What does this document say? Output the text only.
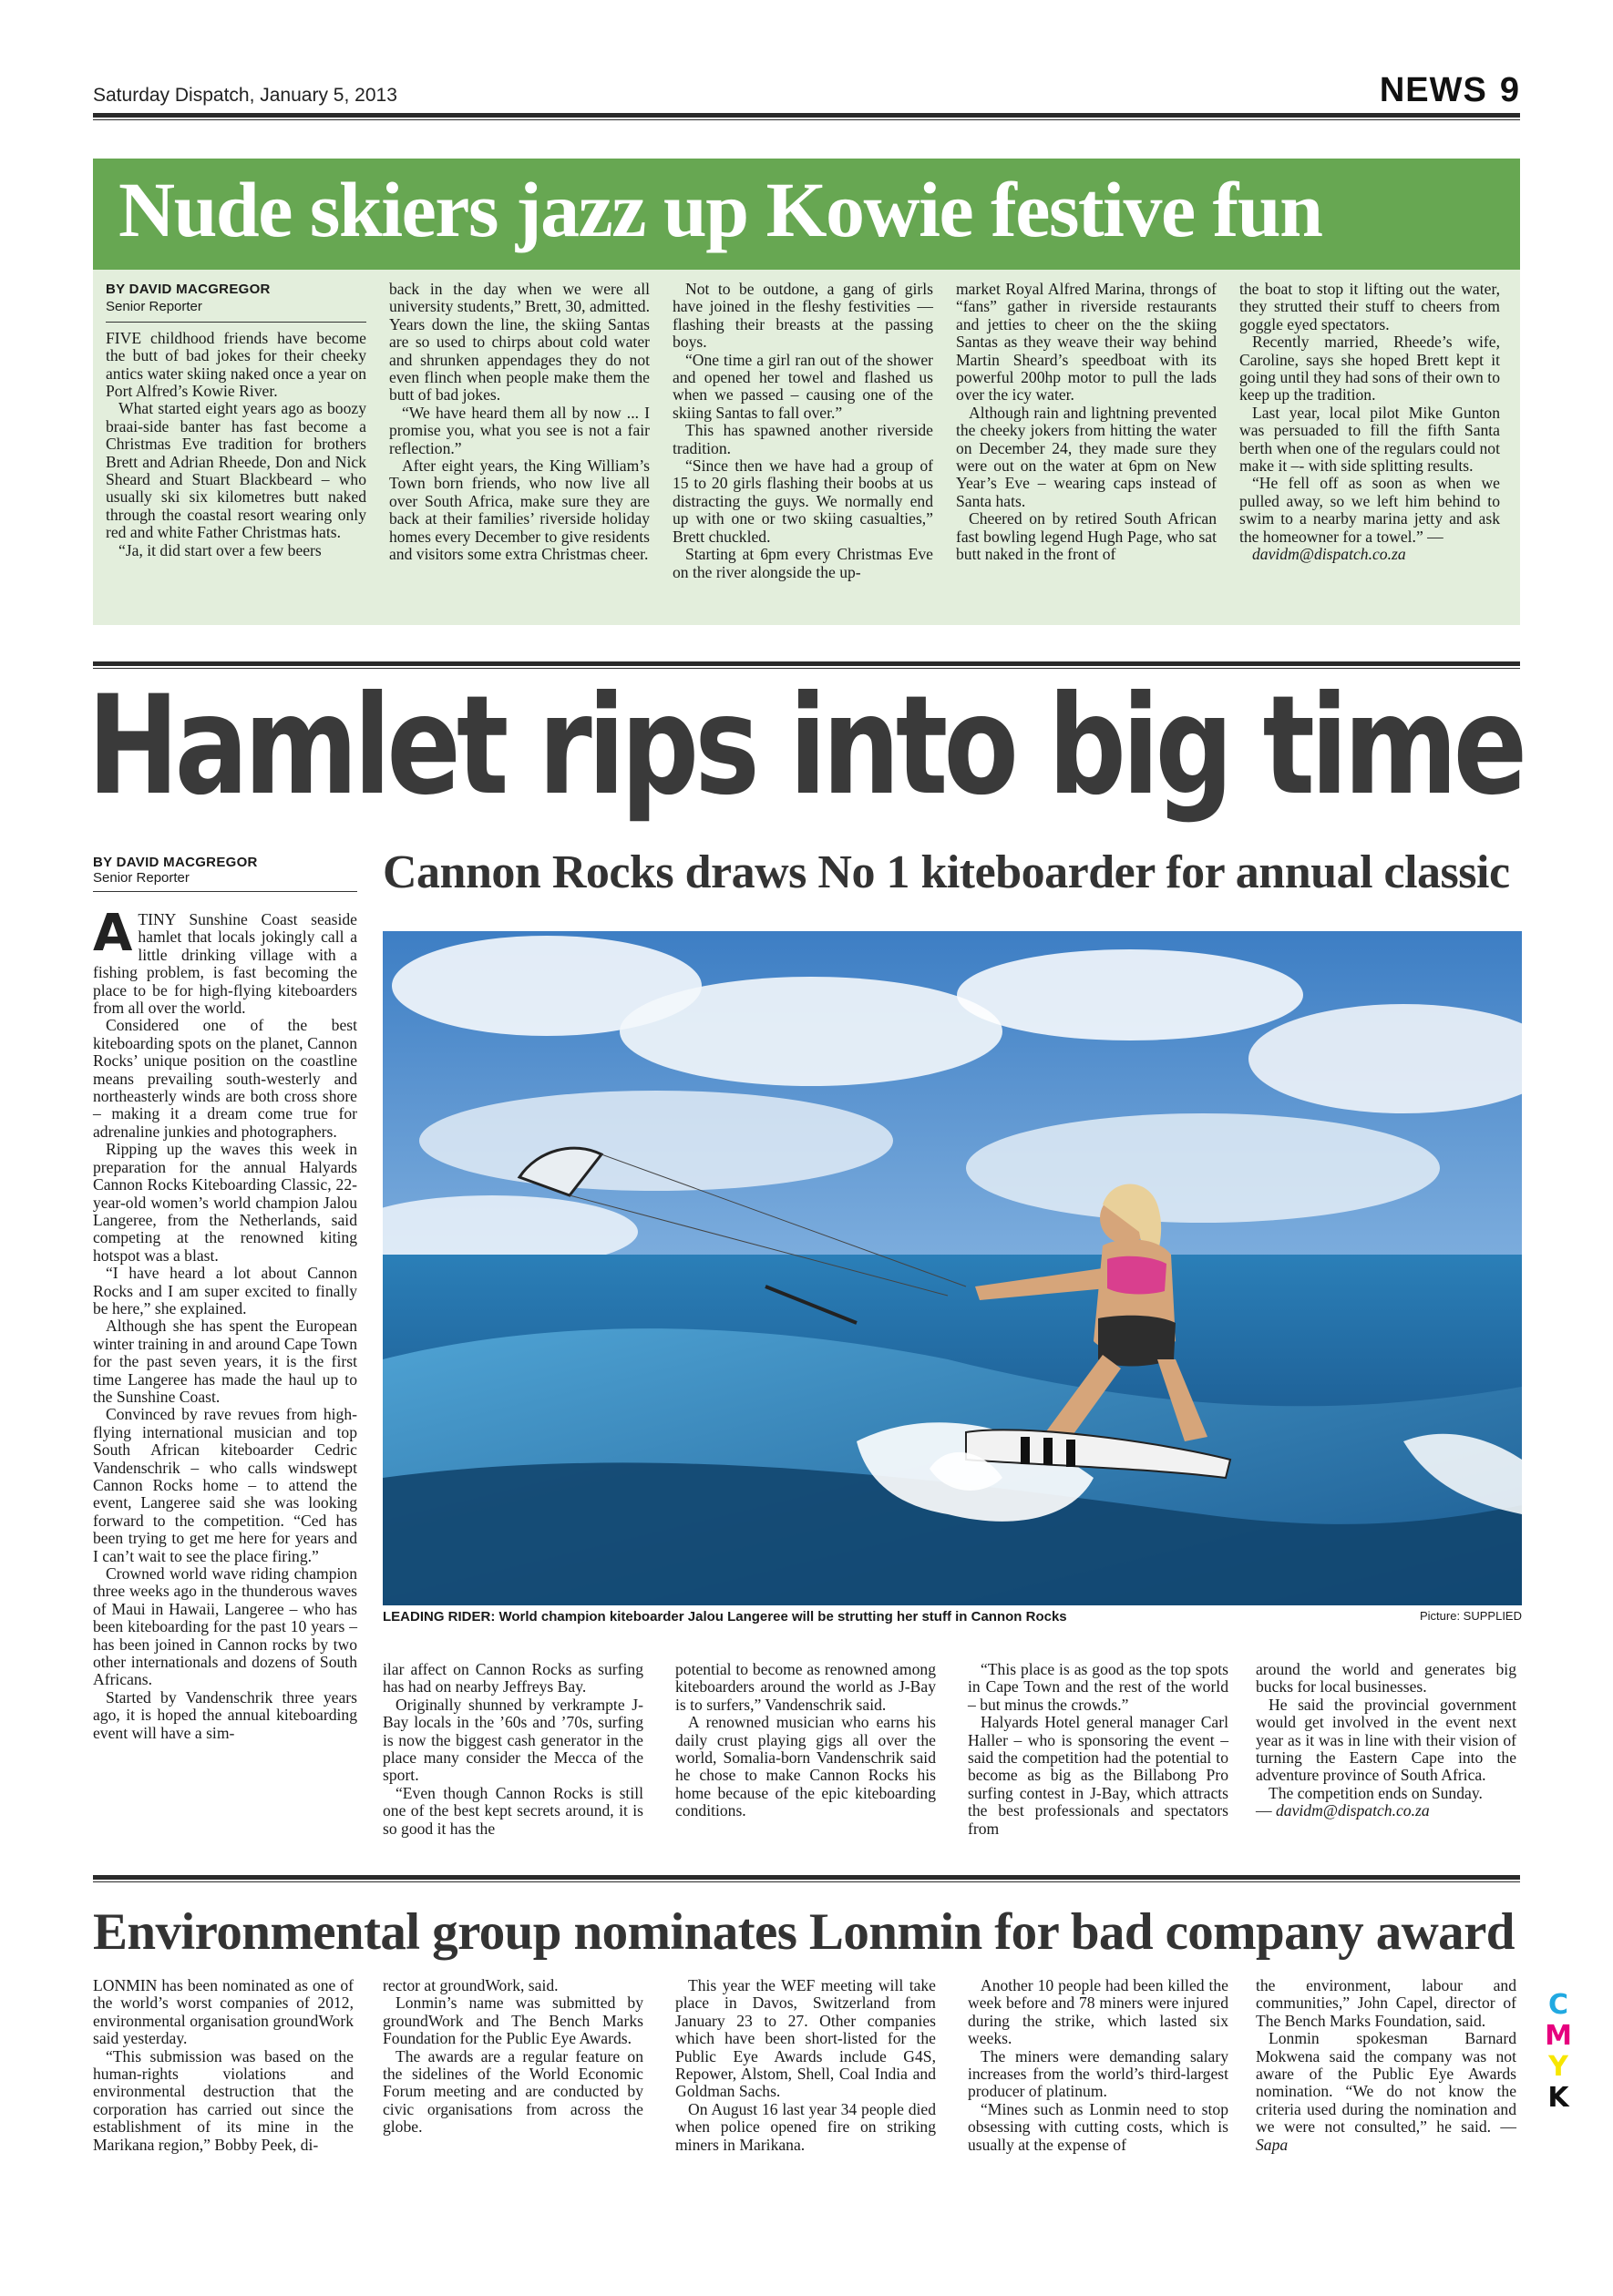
Saturday Dispatch, January 5, 2013	NEWS 9
Nude skiers jazz up Kowie festive fun
BY DAVID MACGREGOR
Senior Reporter

FIVE childhood friends have become the butt of bad jokes for their cheeky antics water skiing naked once a year on Port Alfred’s Kowie River.

What started eight years ago as boozy braai-side banter has fast become a Christmas Eve tradition for brothers Brett and Adrian Rheede, Don and Nick Sheard and Stuart Blackbeard – who usually ski six kilometres butt naked through the coastal resort wearing only red and white Father Christmas hats.

“Ja, it did start over a few beers

back in the day when we were all university students,” Brett, 30, admitted. Years down the line, the skiing Santas are so used to chirps about cold water and shrunken appendages they do not even flinch when people make them the butt of bad jokes.

“We have heard them all by now ... I promise you, what you see is not a fair reflection.”

After eight years, the King William’s Town born friends, who now live all over South Africa, make sure they are back at their families’ riverside holiday homes every December to give residents and visitors some extra Christmas cheer.

Not to be outdone, a gang of girls have joined in the fleshy festivities — flashing their breasts at the passing boys.

“One time a girl ran out of the shower and opened her towel and flashed us when we passed – causing one of the skiing Santas to fall over.”

This has spawned another riverside tradition.

“Since then we have had a group of 15 to 20 girls flashing their boobs at us distracting the guys. We normally end up with one or two skiing casualties,” Brett chuckled.

Starting at 6pm every Christmas Eve on the river alongside the up-

market Royal Alfred Marina, throngs of “fans” gather in riverside restaurants and jetties to cheer on the the skiing Santas as they weave their way behind Martin Sheard’s speedboat with its powerful 200hp motor to pull the lads over the icy water.

Although rain and lightning prevented the cheeky jokers from hitting the water on December 24, they made sure they were out on the water at 6pm on New Year’s Eve – wearing caps instead of Santa hats.

Cheered on by retired South African fast bowling legend Hugh Page, who sat butt naked in the front of

the boat to stop it lifting out the water, they strutted their stuff to cheers from goggle eyed spectators.

Recently married, Rheede’s wife, Caroline, says she hoped Brett kept it going until they had sons of their own to keep up the tradition.

Last year, local pilot Mike Gunton was persuaded to fill the fifth Santa berth when one of the regulars could not make it –- with side splitting results.

“He fell off as soon as when we pulled away, so we left him behind to swim to a nearby marina jetty and ask the homeowner for a towel.” —

davidm@dispatch.co.za

Hamlet rips into big time
BY DAVID MACGREGOR
Senior Reporter	Cannon Rocks draws No 1 kiteboarder for annual classic

ATINY Sunshine Coast seaside hamlet that locals jokingly call a little drinking village with a fishing problem, is fast becoming the place to be for high-flying kiteboarders from all over the world.

Considered one of the best kiteboarding spots on the planet, Cannon Rocks’ unique position on the coastline means prevailing south-westerly and northeasterly winds are both cross shore – making it a dream come true for adrenaline junkies and photographers.

Ripping up the waves this week in preparation for the annual Halyards Cannon Rocks Kiteboarding Classic, 22-year-old women’s world champion Jalou Langeree, from the Netherlands, said competing at the renowned kiting hotspot was a blast.

“I have heard a lot about Cannon Rocks and I am super excited to finally be here,” she explained.

Although she has spent the European winter training in and around Cape Town for the past seven years, it is the first time Langeree has made the haul up to the Sunshine Coast.

Convinced by rave revues from high-flying international musician and top South African kiteboarder Cedric Vandenschrik – who calls windswept Cannon Rocks home – to attend the event, Langeree said she was looking forward to the competition. “Ced has been trying to get me here for years and I can’t wait to see the place firing.”

Crowned world wave riding champion three weeks ago in the thunderous waves of Maui in Hawaii, Langeree – who has been kiteboarding for the past 10 years – has been joined in Cannon rocks by two other internationals and dozens of South Africans.

Started by Vandenschrik three years ago, it is hoped the annual kiteboarding event will have a sim-

LEADING RIDER: World champion kiteboarder Jalou Langeree will be strutting her stuff in Cannon Rocks	Picture: SUPPLIED

ilar affect on Cannon Rocks as surfing has had on nearby Jeffreys Bay.

Originally shunned by verkrampte J-Bay locals in the ’60s and ’70s, surfing is now the biggest cash generator in the place many consider the Mecca of the sport.

“Even though Cannon Rocks is still one of the best kept secrets around, it is so good it has the

potential to become as renowned among kiteboarders around the world as J-Bay is to surfers,” Vandenschrik said.

A renowned musician who earns his daily crust playing gigs all over the world, Somalia-born Vandenschrik said he chose to make Cannon Rocks his home because of the epic kiteboarding conditions.

“This place is as good as the top spots in Cape Town and the rest of the world – but minus the crowds.”

Halyards Hotel general manager Carl Haller – who is sponsoring the event – said the competition had the potential to become as big as the Billabong Pro surfing contest in J-Bay, which attracts the best professionals and spectators from

around the world and generates big bucks for local businesses.

He said the provincial government would get involved in the event next year as it was in line with their vision of turning the Eastern Cape into the adventure province of South Africa.

The competition ends on Sunday.

— davidm@dispatch.co.za

Environmental group nominates Lonmin for bad company award

LONMIN has been nominated as one of the world’s worst companies of 2012, environmental organisation groundWork said yesterday.

“This submission was based on the human-rights violations and environmental destruction that the corporation has carried out since the establishment of its mine in the Marikana region,” Bobby Peek, di-

rector at groundWork, said.

Lonmin’s name was submitted by groundWork and The Bench Marks Foundation for the Public Eye Awards.

The awards are a regular feature on the sidelines of the World Economic Forum meeting and are conducted by civic organisations from across the globe.

This year the WEF meeting will take place in Davos, Switzerland from January 23 to 27. Other companies which have been short-listed for the Public Eye Awards include G4S, Repower, Alstom, Shell, Coal India and Goldman Sachs.

On August 16 last year 34 people died when police opened fire on striking miners in Marikana.

Another 10 people had been killed the week before and 78 miners were injured during the strike, which lasted six weeks.

The miners were demanding salary increases from the world’s third-largest producer of platinum.

“Mines such as Lonmin need to stop obsessing with cutting costs, which is usually at the expense of

the environment, labour and communities,” John Capel, director of The Bench Marks Foundation, said.

Lonmin spokesman Barnard Mokwena said the company was not aware of the Public Eye Awards nomination. “We do not know the criteria used during the nomination and we were not consulted,” he said. — Sapa

C
M
Y
K
